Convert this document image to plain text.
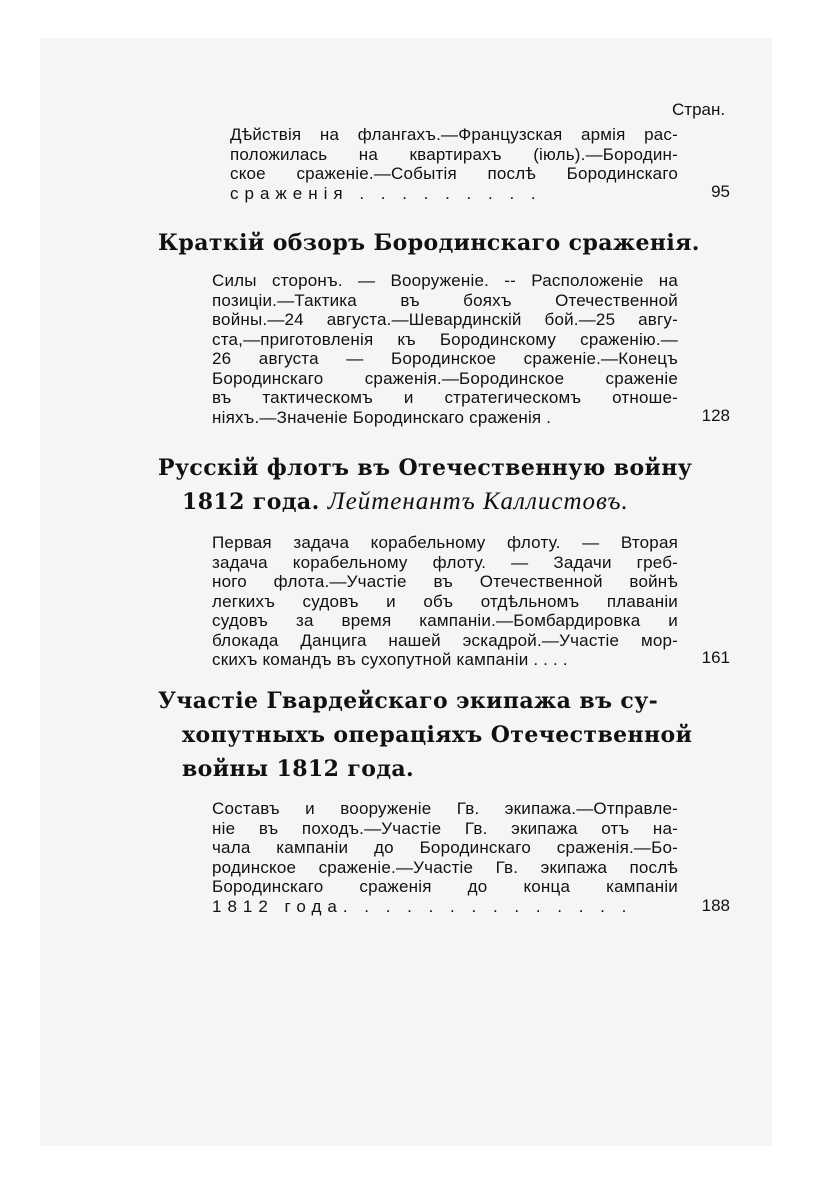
Стран.
Дѣйствія на флангахъ.—Французская армія рас-
положилась на квартирахъ (іюль).—Бородин-
ское сраженіе.—Событія послѣ Бородинскаго
сраженія . . . . . . . . .	95
Краткій обзоръ Бородинскаго сраженія.
Силы сторонъ. — Вооруженіе. -- Расположеніе на
позиціи.—Тактика въ бояхъ Отечественной
войны.—24 августа.—Шевардинскій бой.—25 авгу-
ста,—приготовленія къ Бородинскому сраженію.—
26 августа — Бородинское сраженіе.—Конецъ
Бородинскаго сраженія.—Бородинское сраженіе
въ тактическомъ и стратегическомъ отноше-
ніяхъ.—Значеніе Бородинскаго сраженія .	128
Русскій флотъ въ Отечественную войну
1812 года. Лейтенантъ Каллистовъ.
Первая задача корабельному флоту. — Вторая
задача корабельному флоту. — Задачи греб-
ного флота.—Участіе въ Отечественной войнѣ
легкихъ судовъ и объ отдѣльномъ плаваніи
судовъ за время кампаніи.—Бомбардировка и
блокада Данцига нашей эскадрой.—Участіе мор-
скихъ командъ въ сухопутной кампаніи . . . .	161
Участіе Гвардейскаго экипажа въ су-
хопутныхъ операціяхъ Отечественной
войны 1812 года.
Составъ и вооруженіе Гв. экипажа.—Отправле-
ніе въ походъ.—Участіе Гв. экипажа отъ на-
чала кампаніи до Бородинскаго сраженія.—Бо-
родинское сраженіе.—Участіе Гв. экипажа послѣ
Бородинскаго сраженія до конца кампаніи
1812 года. . . . . . . . . . . . . .	188
